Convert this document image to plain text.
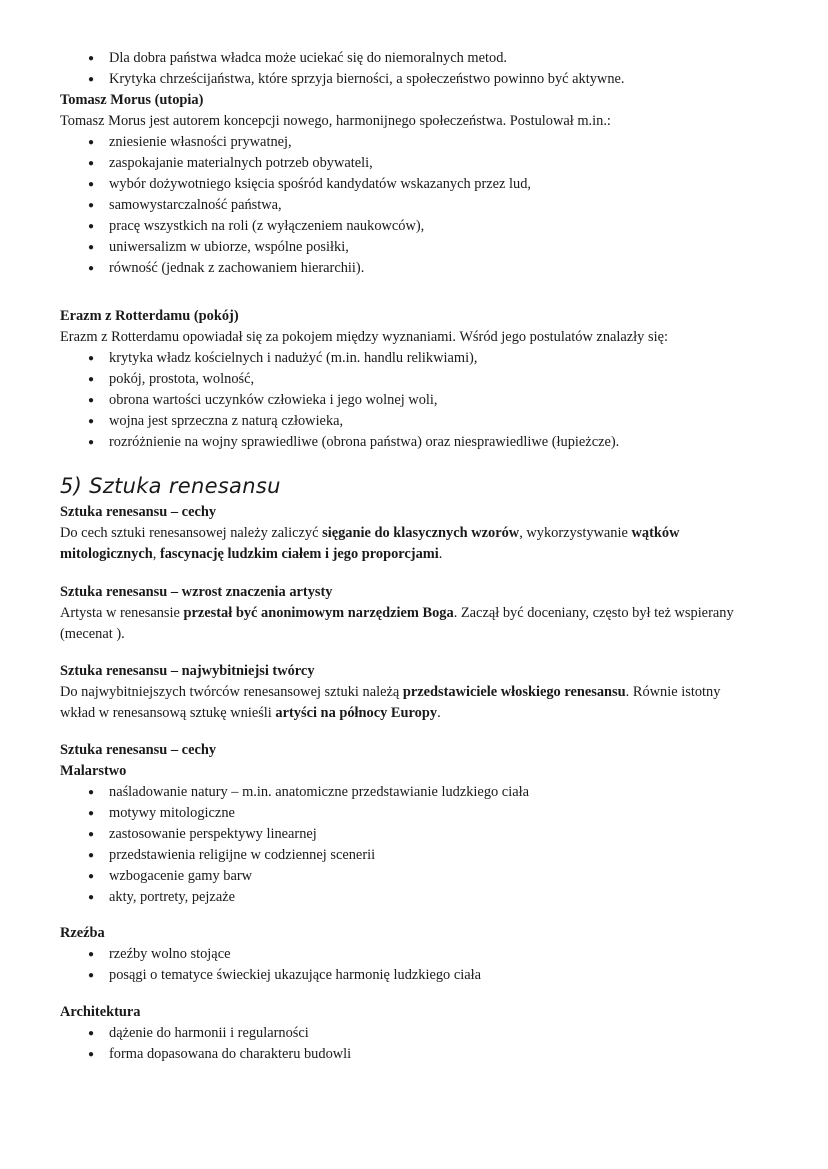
● Dla dobra państwa władca może uciekać się do niemoralnych metod.
● Krytyka chrześcijaństwa, które sprzyja bierności, a społeczeństwo powinno być aktywne.
Tomasz Morus (utopia)
Tomasz Morus jest autorem koncepcji nowego, harmonijnego społeczeństwa. Postulował m.in.:
● zniesienie własności prywatnej,
● zaspokajanie materialnych potrzeb obywateli,
● wybór dożywotniego księcia spośród kandydatów wskazanych przez lud,
● samowystarczalność państwa,
● pracę wszystkich na roli (z wyłączeniem naukowców),
● uniwersalizm w ubiorze, wspólne posiłki,
● równość (jednak z zachowaniem hierarchii).
Erazm z Rotterdamu (pokój)
Erazm z Rotterdamu opowiadał się za pokojem między wyznaniami. Wśród jego postulatów znalazły się:
● krytyka władz kościelnych i nadużyć (m.in. handlu relikwiami),
● pokój, prostota, wolność,
● obrona wartości uczynków człowieka i jego wolnej woli,
● wojna jest sprzeczna z naturą człowieka,
● rozróżnienie na wojny sprawiedliwe (obrona państwa) oraz niesprawiedliwe (łupieżcze).
5) Sztuka renesansu
Sztuka renesansu – cechy
Do cech sztuki renesansowej należy zaliczyć sięganie do klasycznych wzorów, wykorzystywanie wątków
mitologicznych, fascynację ludzkim ciałem i jego proporcjami.
Sztuka renesansu – wzrost znaczenia artysty
Artysta w renesansie przestał być anonimowym narzędziem Boga. Zaczął być doceniany, często był też wspierany
(mecenat ).
Sztuka renesansu – najwybitniejsi twórcy
Do najwybitniejszych twórców renesansowej sztuki należą przedstawiciele włoskiego renesansu. Równie istotny
wkład w renesansową sztukę wnieśli artyści na północy Europy.
Sztuka renesansu – cechy
Malarstwo
● naśladowanie natury – m.in. anatomiczne przedstawianie ludzkiego ciała
● motywy mitologiczne
● zastosowanie perspektywy linearnej
● przedstawienia religijne w codziennej scenerii
● wzbogacenie gamy barw
● akty, portrety, pejzaże
Rzeźba
● rzeźby wolno stojące
● posągi o tematyce świeckiej ukazujące harmonię ludzkiego ciała
Architektura
● dążenie do harmonii i regularności
● forma dopasowana do charakteru budowli
